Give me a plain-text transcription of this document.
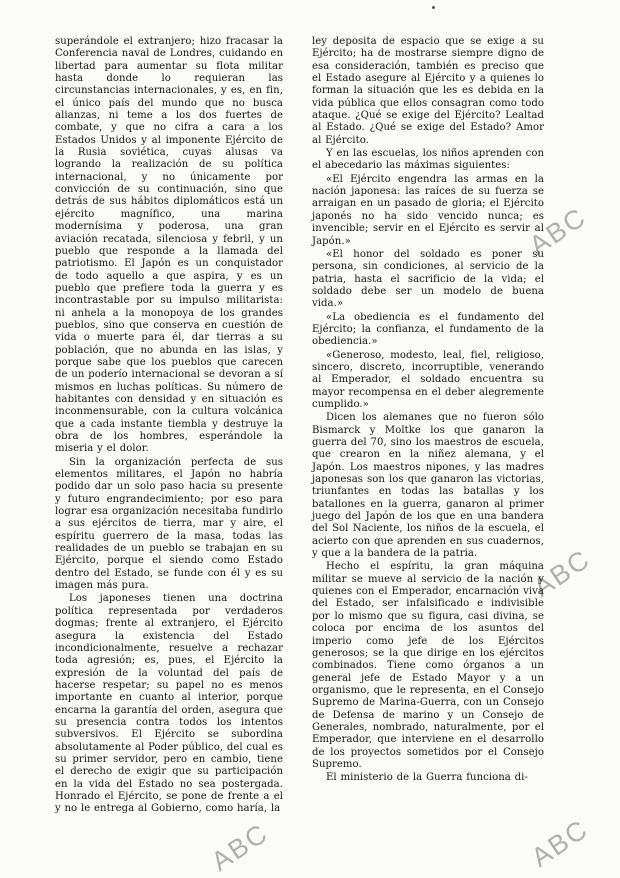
superándole el extranjero; hizo fracasar la Conferencia naval de Londres, cuidando en libertad para aumentar su flota militar hasta donde lo requieran las circunstancias internacionales, y es, en fin, el único país del mundo que no busca alianzas, ni teme a los dos fuertes de combate, y que no cifra a cara a los Estados Unidos y al imponente Ejército de la Rusia soviética, cuyas alusas va logrando la realización de su política internacional, y no únicamente por convicción de su continuación, sino que detrás de sus hábitos diplomáticos está un ejército magnífico, una marina modernísima y poderosa, una gran aviación recatada, silenciosa y febril, y un pueblo que responde a la llamada del patriotismo. El Japón es un conquistador de todo aquello a que aspira, y es un pueblo que prefiere toda la guerra y es incontrastable por su impulso militarista: ni anhela a la monopoya de los grandes pueblos, sino que conserva en cuestión de vida o muerte para él, dar tierras a su población, que no abunda en las islas, y porque sabe que los pueblos que carecen de un poderío internacional se devoran a sí mismos en luchas políticas. Su número de habitantes con densidad y en situación es inconmensurable, con la cultura volcánica que a cada instante tiembla y destruye la obra de los hombres, esperándole la miseria y el dolor.

Sin la organización perfecta de sus elementos militares, el Japón no habría podido dar un solo paso hacia su presente y futuro engrandecimiento; por eso para lograr esa organización necesitaba fundirlo a sus ejércitos de tierra, mar y aire, el espíritu guerrero de la masa, todas las realidades de un pueblo se trabajan en su Ejército, porque el siendo como Estado dentro del Estado, se funde con él y es su imagen más pura.

Los japoneses tienen una doctrina política representada por verdaderos dogmas; frente al extranjero, el Ejército asegura la existencia del Estado incondicionalmente, resuelve a rechazar toda agresión; es, pues, el Ejército la expresión de la voluntad del país de hacerse respetar; su papel no es menos importante en cuanto al interior, porque encarna la garantía del orden, asegura que su presencia contra todos los intentos subversivos. El Ejército se subordina absolutamente al Poder público, del cual es su primer servidor, pero en cambio, tiene el derecho de exigir que su participación en la vida del Estado no sea postergada. Honrado el Ejército, se pone de frente a el y no le entrega al Gobierno, como haría, la

ley deposita de espacio que se exige a su Ejército; ha de mostrarse siempre digno de esa consideración, también es preciso que el Estado asegure al Ejército y a quienes lo forman la situación que les es debida en la vida pública que ellos consagran como todo ataque. ¿Qué se exige del Ejército? Lealtad al Estado. ¿Qué se exige del Estado? Amor al Ejército.

Y en las escuelas, los niños aprenden con el abecedario las máximas siguientes:

«El Ejército engendra las armas en la nación japonesa: las raíces de su fuerza se arraigan en un pasado de gloria; el Ejército japonés no ha sido vencido nunca; es invencible; servir en el Ejército es servir al Japón.»

«El honor del soldado es poner su persona, sin condiciones, al servicio de la patria, hasta el sacrificio de la vida; el soldado debe ser un modelo de buena vida.»

«La obediencia es el fundamento del Ejército; la confianza, el fundamento de la obediencia.»

«Generoso, modesto, leal, fiel, religioso, sincero, discreto, incorruptible, venerando al Emperador, el soldado encuentra su mayor recompensa en el deber alegremente cumplido.»

Dicen los alemanes que no fueron sólo Bismarck y Moltke los que ganaron la guerra del 70, sino los maestros de escuela, que crearon en la niñez alemana, y el Japón. Los maestros nipones, y las madres japonesas son los que ganaron las victorias, triunfantes en todas las batallas y los batallones en la guerra, ganaron al primer juego del Japón de los que en una bandera del Sol Naciente, los niños de la escuela, el acierto con que aprenden en sus cuadernos, y que a la bandera de la patria.

Hecho el espíritu, la gran máquina militar se mueve al servicio de la nación y quienes con el Emperador, encarnación viva del Estado, ser infalsificado e indivisible por lo mismo que su figura, casi divina, se coloca por encima de los asuntos del imperio como jefe de los Ejércitos generosos; se la que dirige en los ejércitos combinados. Tiene como órganos a un general jefe de Estado Mayor y a un organismo, que le representa, en el Consejo Supremo de Marina-Guerra, con un Consejo de Defensa de marino y un Consejo de Generales, nombrado, naturalmente, por el Emperador, que interviene en el desarrollo de los proyectos sometidos por el Consejo Supremo.

El ministerio de la Guerra funciona di-

ABC
ABC
ABC	ABC
